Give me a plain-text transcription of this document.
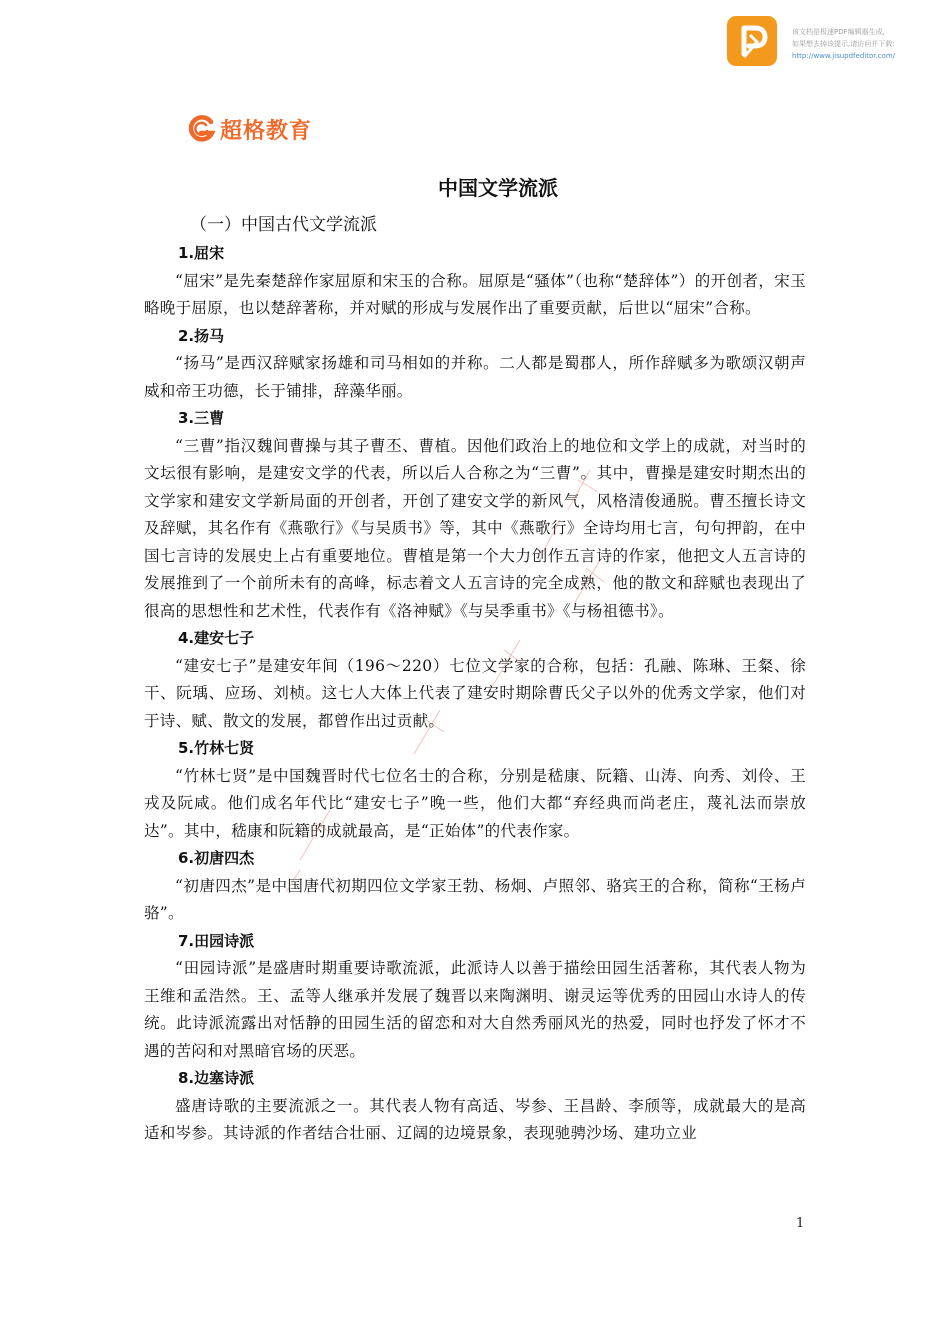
该文档是极速PDF编辑器生成,
如果想去掉该提示,请访问并下载:
http://www.jisupdfeditor.com/
超格教育
中国文学流派
（一）中国古代文学流派
1.屈宋

“屈宋”是先秦楚辞作家屈原和宋玉的合称。屈原是“骚体”（也称“楚辞体”）的开创者，宋玉略晚于屈原，也以楚辞著称，并对赋的形成与发展作出了重要贡献，后世以“屈宋”合称。

2.扬马

“扬马”是西汉辞赋家扬雄和司马相如的并称。二人都是蜀郡人，所作辞赋多为歌颂汉朝声威和帝王功德，长于铺排，辞藻华丽。

3.三曹

“三曹”指汉魏间曹操与其子曹丕、曹植。因他们政治上的地位和文学上的成就，对当时的文坛很有影响，是建安文学的代表，所以后人合称之为“三曹”。其中，曹操是建安时期杰出的文学家和建安文学新局面的开创者，开创了建安文学的新风气，风格清俊通脱。曹丕擅长诗文及辞赋，其名作有《燕歌行》《与吴质书》等，其中《燕歌行》全诗均用七言，句句押韵，在中国七言诗的发展史上占有重要地位。曹植是第一个大力创作五言诗的作家，他把文人五言诗的发展推到了一个前所未有的高峰，标志着文人五言诗的完全成熟，他的散文和辞赋也表现出了很高的思想性和艺术性，代表作有《洛神赋》《与吴季重书》《与杨祖德书》。

4.建安七子

“建安七子”是建安年间（196～220）七位文学家的合称，包括：孔融、陈琳、王粲、徐干、阮瑀、应玚、刘桢。这七人大体上代表了建安时期除曹氏父子以外的优秀文学家，他们对于诗、赋、散文的发展，都曾作出过贡献。

5.竹林七贤

“竹林七贤”是中国魏晋时代七位名士的合称，分别是嵇康、阮籍、山涛、向秀、刘伶、王戎及阮咸。他们成名年代比“建安七子”晚一些，他们大都“弃经典而尚老庄，蔑礼法而崇放达”。其中，嵇康和阮籍的成就最高，是“正始体”的代表作家。

6.初唐四杰

“初唐四杰”是中国唐代初期四位文学家王勃、杨炯、卢照邻、骆宾王的合称，简称“王杨卢骆”。

7.田园诗派

“田园诗派”是盛唐时期重要诗歌流派，此派诗人以善于描绘田园生活著称，其代表人物为王维和孟浩然。王、孟等人继承并发展了魏晋以来陶渊明、谢灵运等优秀的田园山水诗人的传统。此诗派流露出对恬静的田园生活的留恋和对大自然秀丽风光的热爱，同时也抒发了怀才不遇的苦闷和对黑暗官场的厌恶。

8.边塞诗派

盛唐诗歌的主要流派之一。其代表人物有高适、岑参、王昌龄、李颀等，成就最大的是高适和岑参。其诗派的作者结合壮丽、辽阔的边境景象，表现驰骋沙场、建功立业

1
